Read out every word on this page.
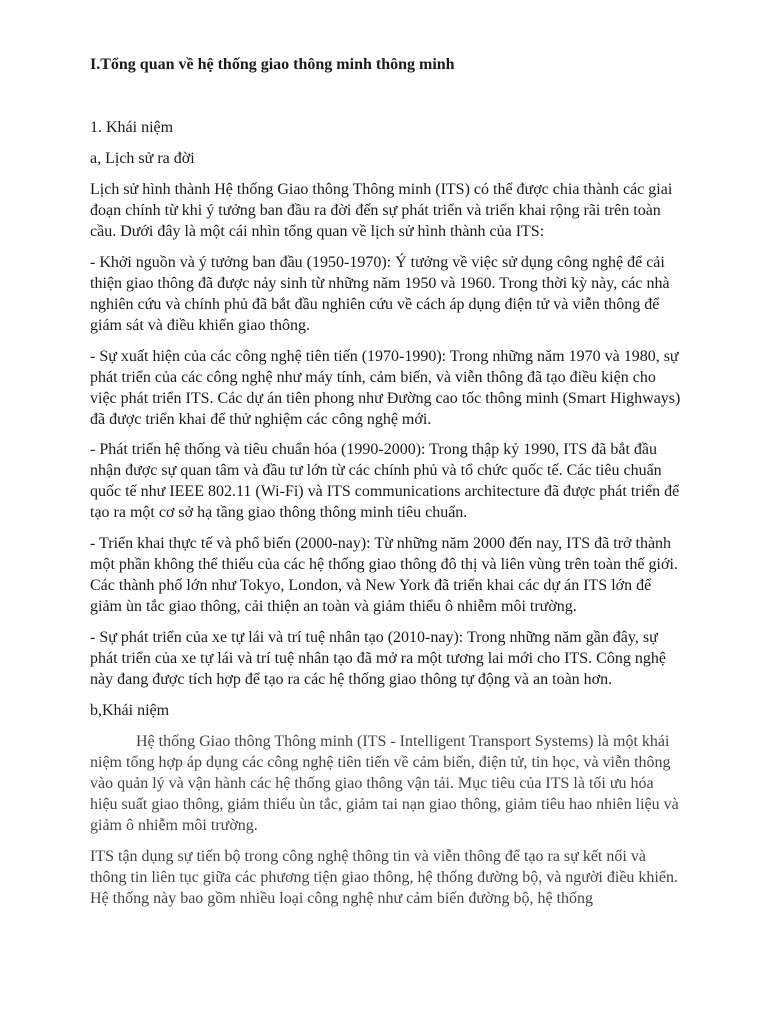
I.Tổng quan về hệ thống giao thông minh thông minh

1. Khái niệm

a, Lịch sử ra đời

Lịch sử hình thành Hệ thống Giao thông Thông minh (ITS) có thể được chia thành các giai đoạn chính từ khi ý tưởng ban đầu ra đời đến sự phát triển và triển khai rộng rãi trên toàn cầu. Dưới đây là một cái nhìn tổng quan về lịch sử hình thành của ITS:

- Khởi nguồn và ý tưởng ban đầu (1950-1970): Ý tưởng về việc sử dụng công nghệ để cải thiện giao thông đã được nảy sinh từ những năm 1950 và 1960. Trong thời kỳ này, các nhà nghiên cứu và chính phủ đã bắt đầu nghiên cứu về cách áp dụng điện tử và viễn thông để giám sát và điều khiển giao thông.

- Sự xuất hiện của các công nghệ tiên tiến (1970-1990): Trong những năm 1970 và 1980, sự phát triển của các công nghệ như máy tính, cảm biến, và viễn thông đã tạo điều kiện cho việc phát triển ITS. Các dự án tiên phong như Đường cao tốc thông minh (Smart Highways) đã được triển khai để thử nghiệm các công nghệ mới.

- Phát triển hệ thống và tiêu chuẩn hóa (1990-2000): Trong thập kỷ 1990, ITS đã bắt đầu nhận được sự quan tâm và đầu tư lớn từ các chính phủ và tổ chức quốc tế. Các tiêu chuẩn quốc tế như IEEE 802.11 (Wi-Fi) và ITS communications architecture đã được phát triển để tạo ra một cơ sở hạ tầng giao thông thông minh tiêu chuẩn.

- Triển khai thực tế và phổ biến (2000-nay): Từ những năm 2000 đến nay, ITS đã trở thành một phần không thể thiếu của các hệ thống giao thông đô thị và liên vùng trên toàn thế giới. Các thành phố lớn như Tokyo, London, và New York đã triển khai các dự án ITS lớn để giảm ùn tắc giao thông, cải thiện an toàn và giảm thiểu ô nhiễm môi trường.

- Sự phát triển của xe tự lái và trí tuệ nhân tạo (2010-nay): Trong những năm gần đây, sự phát triển của xe tự lái và trí tuệ nhân tạo đã mở ra một tương lai mới cho ITS. Công nghệ này đang được tích hợp để tạo ra các hệ thống giao thông tự động và an toàn hơn.

b,Khái niệm

Hệ thống Giao thông Thông minh (ITS - Intelligent Transport Systems) là một khái niệm tổng hợp áp dụng các công nghệ tiên tiến về cảm biến, điện tử, tin học, và viễn thông vào quản lý và vận hành các hệ thống giao thông vận tải. Mục tiêu của ITS là tối ưu hóa hiệu suất giao thông, giảm thiểu ùn tắc, giảm tai nạn giao thông, giảm tiêu hao nhiên liệu và giảm ô nhiễm môi trường.

ITS tận dụng sự tiến bộ trong công nghệ thông tin và viễn thông để tạo ra sự kết nối và thông tin liên tục giữa các phương tiện giao thông, hệ thống đường bộ, và người điều khiển. Hệ thống này bao gồm nhiều loại công nghệ như cảm biến đường bộ, hệ thống
